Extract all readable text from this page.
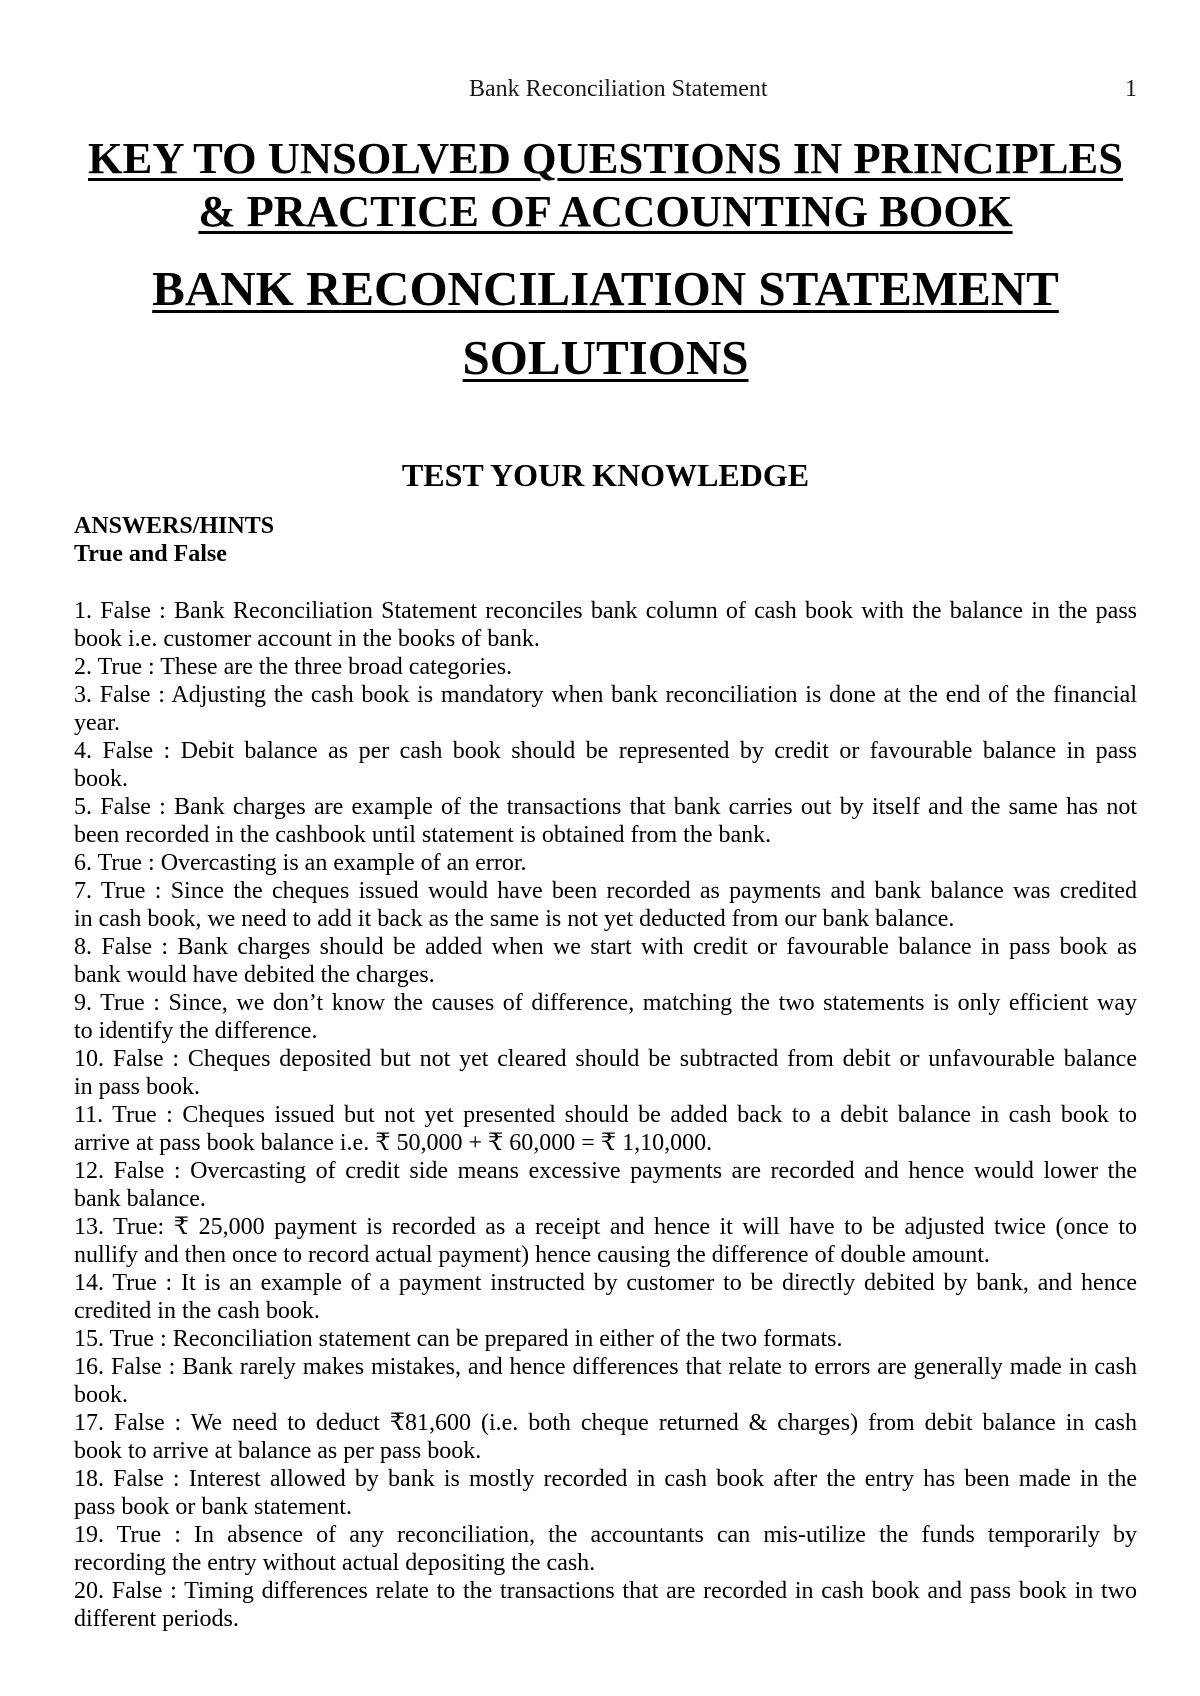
Bank Reconciliation Statement	1
KEY TO UNSOLVED QUESTIONS IN PRINCIPLES
& PRACTICE OF ACCOUNTING BOOK
BANK RECONCILIATION STATEMENT
SOLUTIONS
TEST YOUR KNOWLEDGE
ANSWERS/HINTS
True and False
1. False : Bank Reconciliation Statement reconciles bank column of cash book with the balance in the pass
book i.e. customer account in the books of bank.
2. True : These are the three broad categories.
3. False : Adjusting the cash book is mandatory when bank reconciliation is done at the end of the financial
year.
4. False : Debit balance as per cash book should be represented by credit or favourable balance in pass
book.
5. False : Bank charges are example of the transactions that bank carries out by itself and the same has not
been recorded in the cashbook until statement is obtained from the bank.
6. True : Overcasting is an example of an error.
7. True : Since the cheques issued would have been recorded as payments and bank balance was credited
in cash book, we need to add it back as the same is not yet deducted from our bank balance.
8. False : Bank charges should be added when we start with credit or favourable balance in pass book as
bank would have debited the charges.
9. True : Since, we don’t know the causes of difference, matching the two statements is only efficient way
to identify the difference.
10. False : Cheques deposited but not yet cleared should be subtracted from debit or unfavourable balance
in pass book.
11. True : Cheques issued but not yet presented should be added back to a debit balance in cash book to
arrive at pass book balance i.e. ₹ 50,000 + ₹ 60,000 = ₹ 1,10,000.
12. False : Overcasting of credit side means excessive payments are recorded and hence would lower the
bank balance.
13. True: ₹ 25,000 payment is recorded as a receipt and hence it will have to be adjusted twice (once to
nullify and then once to record actual payment) hence causing the difference of double amount.
14. True : It is an example of a payment instructed by customer to be directly debited by bank, and hence
credited in the cash book.
15. True : Reconciliation statement can be prepared in either of the two formats.
16. False : Bank rarely makes mistakes, and hence differences that relate to errors are generally made in cash
book.
17. False : We need to deduct ₹81,600 (i.e. both cheque returned & charges) from debit balance in cash
book to arrive at balance as per pass book.
18. False : Interest allowed by bank is mostly recorded in cash book after the entry has been made in the
pass book or bank statement.
19. True : In absence of any reconciliation, the accountants can mis-utilize the funds temporarily by
recording the entry without actual depositing the cash.
20. False : Timing differences relate to the transactions that are recorded in cash book and pass book in two
different periods.
